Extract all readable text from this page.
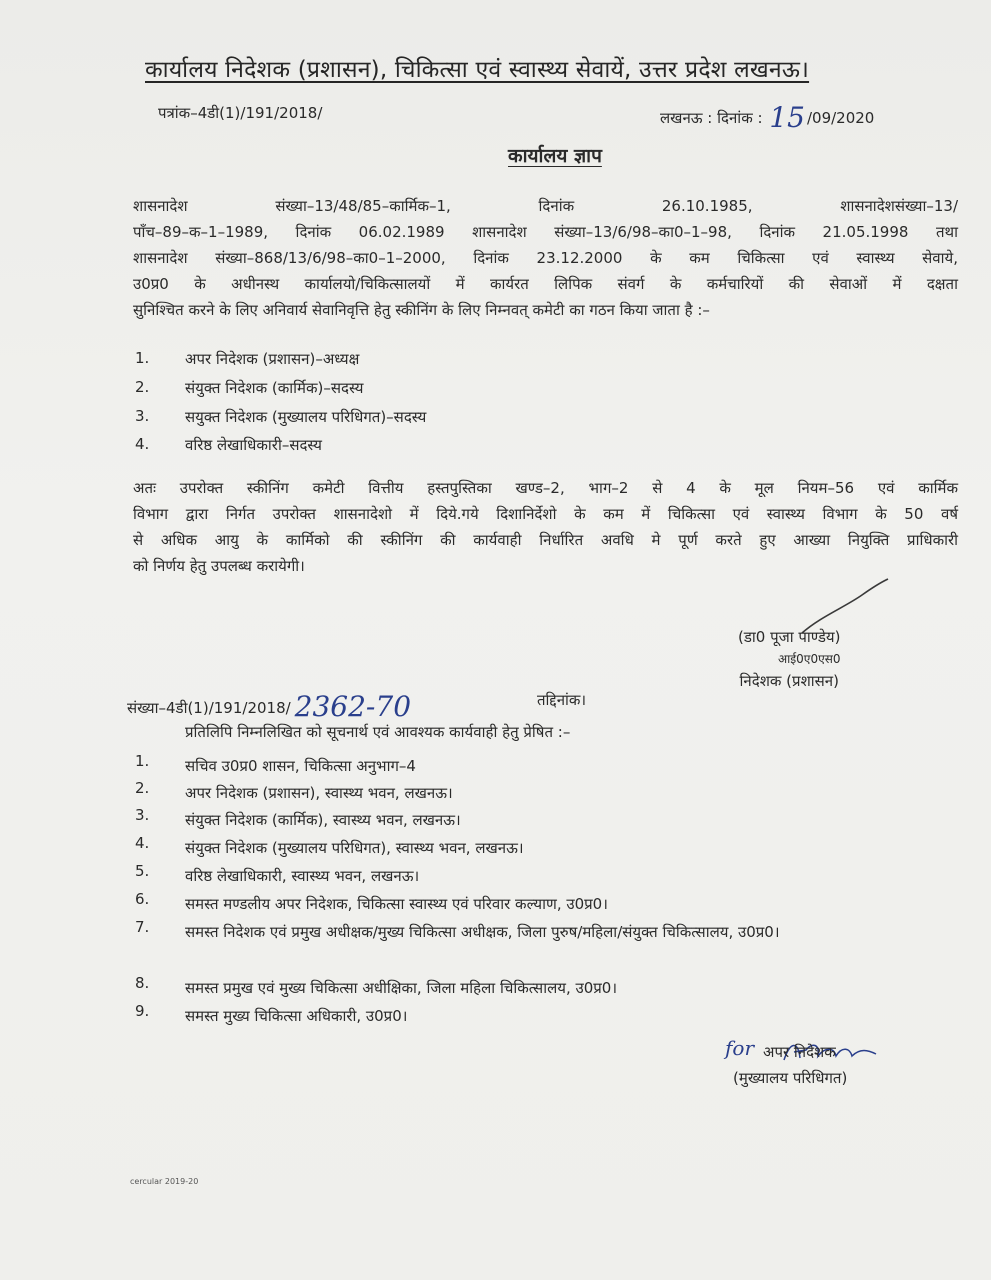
कार्यालय निदेशक (प्रशासन), चिकित्सा एवं स्वास्थ्य सेवायें, उत्तर प्रदेश लखनऊ।
पत्रांक–4डी(1)/191/2018/	लखनऊ : दिनांक : 15 /09/2020
कार्यालय ज्ञाप
शासनादेश संख्या–13/48/85–कार्मिक–1, दिनांक 26.10.1985, शासनादेशसंख्या–13/
पाँच–89–क–1–1989, दिनांक 06.02.1989 शासनादेश संख्या–13/6/98–का0–1–98, दिनांक 21.05.1998 तथा
शासनादेश संख्या–868/13/6/98–का0–1–2000, दिनांक 23.12.2000 के कम चिकित्सा एवं स्वास्थ्य सेवाये,
उ0प्र0 के अधीनस्थ कार्यालयो/चिकित्सालयों में कार्यरत लिपिक संवर्ग के कर्मचारियों की सेवाओं में दक्षता
सुनिश्चित करने के लिए अनिवार्य सेवानिवृत्ति हेतु स्कीनिंग के लिए निम्नवत् कमेटी का गठन किया जाता है :–
1. अपर निदेशक (प्रशासन)–अध्यक्ष
2. संयुक्त निदेशक (कार्मिक)–सदस्य
3. सयुक्त निदेशक (मुख्यालय परिधिगत)–सदस्य
4. वरिष्ठ लेखाधिकारी–सदस्य
अतः उपरोक्त स्कीनिंग कमेटी वित्तीय हस्तपुस्तिका खण्ड–2, भाग–2 से 4 के मूल नियम–56 एवं कार्मिक
विभाग द्वारा निर्गत उपरोक्त शासनादेशो में दिये.गये दिशानिर्देशो के कम में चिकित्सा एवं स्वास्थ्य विभाग के 50 वर्ष
से अधिक आयु के कार्मिको की स्कीनिंग की कार्यवाही निर्धारित अवधि मे पूर्ण करते हुए आख्या नियुक्ति प्राधिकारी
को निर्णय हेतु उपलब्ध करायेगी।
(डा0 पूजा पाण्डेय)
आई0ए0एस0
निदेशक (प्रशासन)
संख्या–4डी(1)/191/2018/ 2362-70	तद्दिनांक।
प्रतिलिपि निम्नलिखित को सूचनार्थ एवं आवश्यक कार्यवाही हेतु प्रेषित :–
1. सचिव उ0प्र0 शासन, चिकित्सा अनुभाग–4
2. अपर निदेशक (प्रशासन), स्वास्थ्य भवन, लखनऊ।
3. संयुक्त निदेशक (कार्मिक), स्वास्थ्य भवन, लखनऊ।
4. संयुक्त निदेशक (मुख्यालय परिधिगत), स्वास्थ्य भवन, लखनऊ।
5. वरिष्ठ लेखाधिकारी, स्वास्थ्य भवन, लखनऊ।
6. समस्त मण्डलीय अपर निदेशक, चिकित्सा स्वास्थ्य एवं परिवार कल्याण, उ0प्र0।
7. समस्त निदेशक एवं प्रमुख अधीक्षक/मुख्य चिकित्सा अधीक्षक, जिला पुरुष/महिला/संयुक्त चिकित्सालय, उ0प्र0।
8. समस्त प्रमुख एवं मुख्य चिकित्सा अधीक्षिका, जिला महिला चिकित्सालय, उ0प्र0।
9. समस्त मुख्य चिकित्सा अधिकारी, उ0प्र0।
for अपर निदेशक
(मुख्यालय परिधिगत)
cercular 2019-20
